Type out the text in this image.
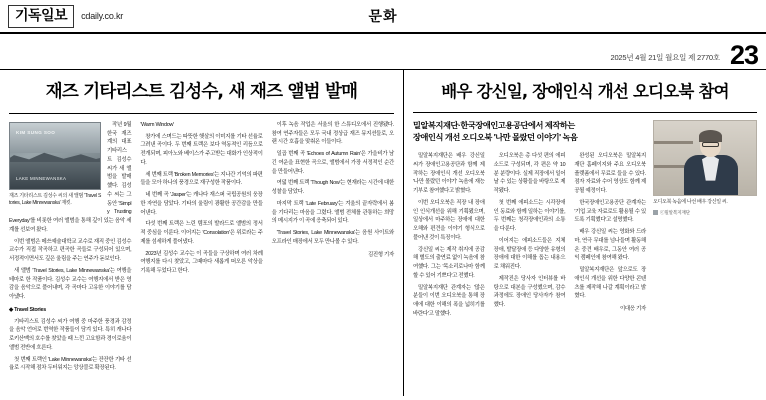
기독일보	cdaily.co.kr	문화
2025년 4월 21일 월요일 제 2770호 23
재즈 기타리스트 김성수, 새 재즈 앨범 발매
KIM SUNG SOO
LAKE MINNEWANSKA
재즈 기타리스트 김성수 씨의 새 앨범 'Travel Stories, Lake Minnewanska' 재킷.

작년 9월 한국 재즈계의 대표 기타리스트 김성수 씨가 새 앨범을 발매했다. 김성수 씨는 그동안 'Simply Trusting Everyday'를 비롯한 여러 앨범을 통해 깊이 있는 음악 세계를 선보여 왔다.

이번 앨범은 메쓰예술대학교 교수로 재직 중인 김성수 교수가 직접 작곡하고 편곡한 곡들로 구성되어 있으며, 서정적이면서도 깊은 울림을 주는 연주가 돋보인다.

새 앨범 'Travel Stories, Lake Minnewanska'는 여행을 테마로 한 작품이다. 김성수 교수는 여행지에서 받은 영감을 음악으로 풀어내며, 각 곡마다 고유한 이야기를 담아냈다.

◆ Travel Stories

기타리스트 김성수 씨가 여행 중 마주한 풍경과 감정을 음악 언어로 번역한 작품들이 담겨 있다. 특히 캐나다 로키산맥의 호수를 찾았을 때 느낀 고요함과 경이로움이 앨범 전반에 흐른다.

첫 번째 트랙인 'Lake Minnewanska'는 잔잔한 기타 선율로 시작해 점차 두터워지는 앙상블로 확장된다.

'Warm Window'

창가에 스며드는 따뜻한 햇살의 이미지를 기타 선율로 그려낸 곡이다. 두 번째 트랙은 보다 역동적인 리듬으로 전개되며, 피아노와 베이스가 주고받는 대화가 인상적이다.

세 번째 트랙 'Broken Memories'는 지나간 기억의 파편들을 모아 하나의 풍경으로 재구성한 작품이다.

네 번째 곡 'Jasper'는 캐나다 재스퍼 국립공원의 웅장한 자연을 담았다. 기타의 울림이 광활한 공간감을 만들어낸다.

다섯 번째 트랙은 느린 템포의 발라드로 앨범의 정서적 중심을 이룬다. 이어지는 'Consolation'은 위로라는 주제를 섬세하게 풀어냈다.

2023년 김성수 교수는 이 곡들을 구상하며 여러 차례 여행지를 다시 찾았고, 그때마다 새롭게 떠오른 악상을 기록해 두었다고 한다.

이후 녹음 작업은 서울의 한 스튜디오에서 진행됐다. 참여 연주자들은 모두 국내 정상급 재즈 뮤지션들로, 오랜 시간 호흡을 맞춰온 이들이다.

일곱 번째 곡 'Echoes of Autumn Rain'은 가을비가 남긴 여운을 표현한 곡으로, 앨범에서 가장 서정적인 순간을 만들어낸다.

여덟 번째 트랙 'Though Now'는 현재라는 시간에 대한 성찰을 담았다.

마지막 트랙 'Late February'는 겨울의 끝자락에서 봄을 기다리는 마음을 그렸다. 앨범 전체를 관통하는 희망의 메시지가 이 곡에 응축되어 있다.

'Travel Stories, Lake Minnewanska'는 음원 사이트와 오프라인 매장에서 모두 만나볼 수 있다.

김진형 기자
배우 강신일, 장애인식 개선 오디오북 참여
오디오북 녹음에 나선 배우 강신일 씨.
ⓒ밀알복지재단
밀알복지재단·한국장애인고용공단에서 제작하는
장애인식 개선 오디오북 '나만 몰랐던 이야기' 녹음

밀알복지재단은 배우 강신일 씨가 장애인고용공단과 함께 제작하는 장애인식 개선 오디오북 '나만 몰랐던 이야기' 녹음에 재능기부로 참여했다고 밝혔다.

이번 오디오북은 직장 내 장애인 인식개선을 위해 기획됐으며, 일상에서 마주하는 장애에 대한 오해와 편견을 이야기 형식으로 풀어낸 것이 특징이다.

강신일 씨는 제작 취지에 공감해 별도의 출연료 없이 녹음에 참여했다. 그는 '목소리로나마 함께할 수 있어 기쁘다'고 전했다.

밀알복지재단 관계자는 '많은 분들이 이번 오디오북을 통해 장애에 대한 이해의 폭을 넓히기를 바란다'고 말했다.

오디오북은 총 다섯 편의 에피소드로 구성되며, 각 편은 약 10분 분량이다. 실제 직장에서 일어날 수 있는 상황들을 바탕으로 제작됐다.

첫 번째 에피소드는 시각장애인 동료와 함께 일하는 이야기를, 두 번째는 청각장애인과의 소통을 다룬다.

이어지는 에피소드들은 지체장애, 발달장애 등 다양한 유형의 장애에 대한 이해를 돕는 내용으로 채워진다.

제작진은 당사자 인터뷰를 바탕으로 대본을 구성했으며, 감수 과정에도 장애인 당사자가 참여했다.

완성된 오디오북은 밀알복지재단 홈페이지와 주요 오디오북 플랫폼에서 무료로 들을 수 있다. 점자 자료와 수어 영상도 함께 제공될 예정이다.

한국장애인고용공단 관계자는 '기업 교육 자료로도 활용될 수 있도록 기획했다'고 설명했다.

배우 강신일 씨는 영화와 드라마, 연극 무대를 넘나들며 활동해 온 중견 배우로, 그동안 여러 공익 캠페인에 참여해 왔다.

밀알복지재단은 앞으로도 장애인식 개선을 위한 다양한 콘텐츠를 제작해 나갈 계획이라고 밝혔다.

이대응 기자
